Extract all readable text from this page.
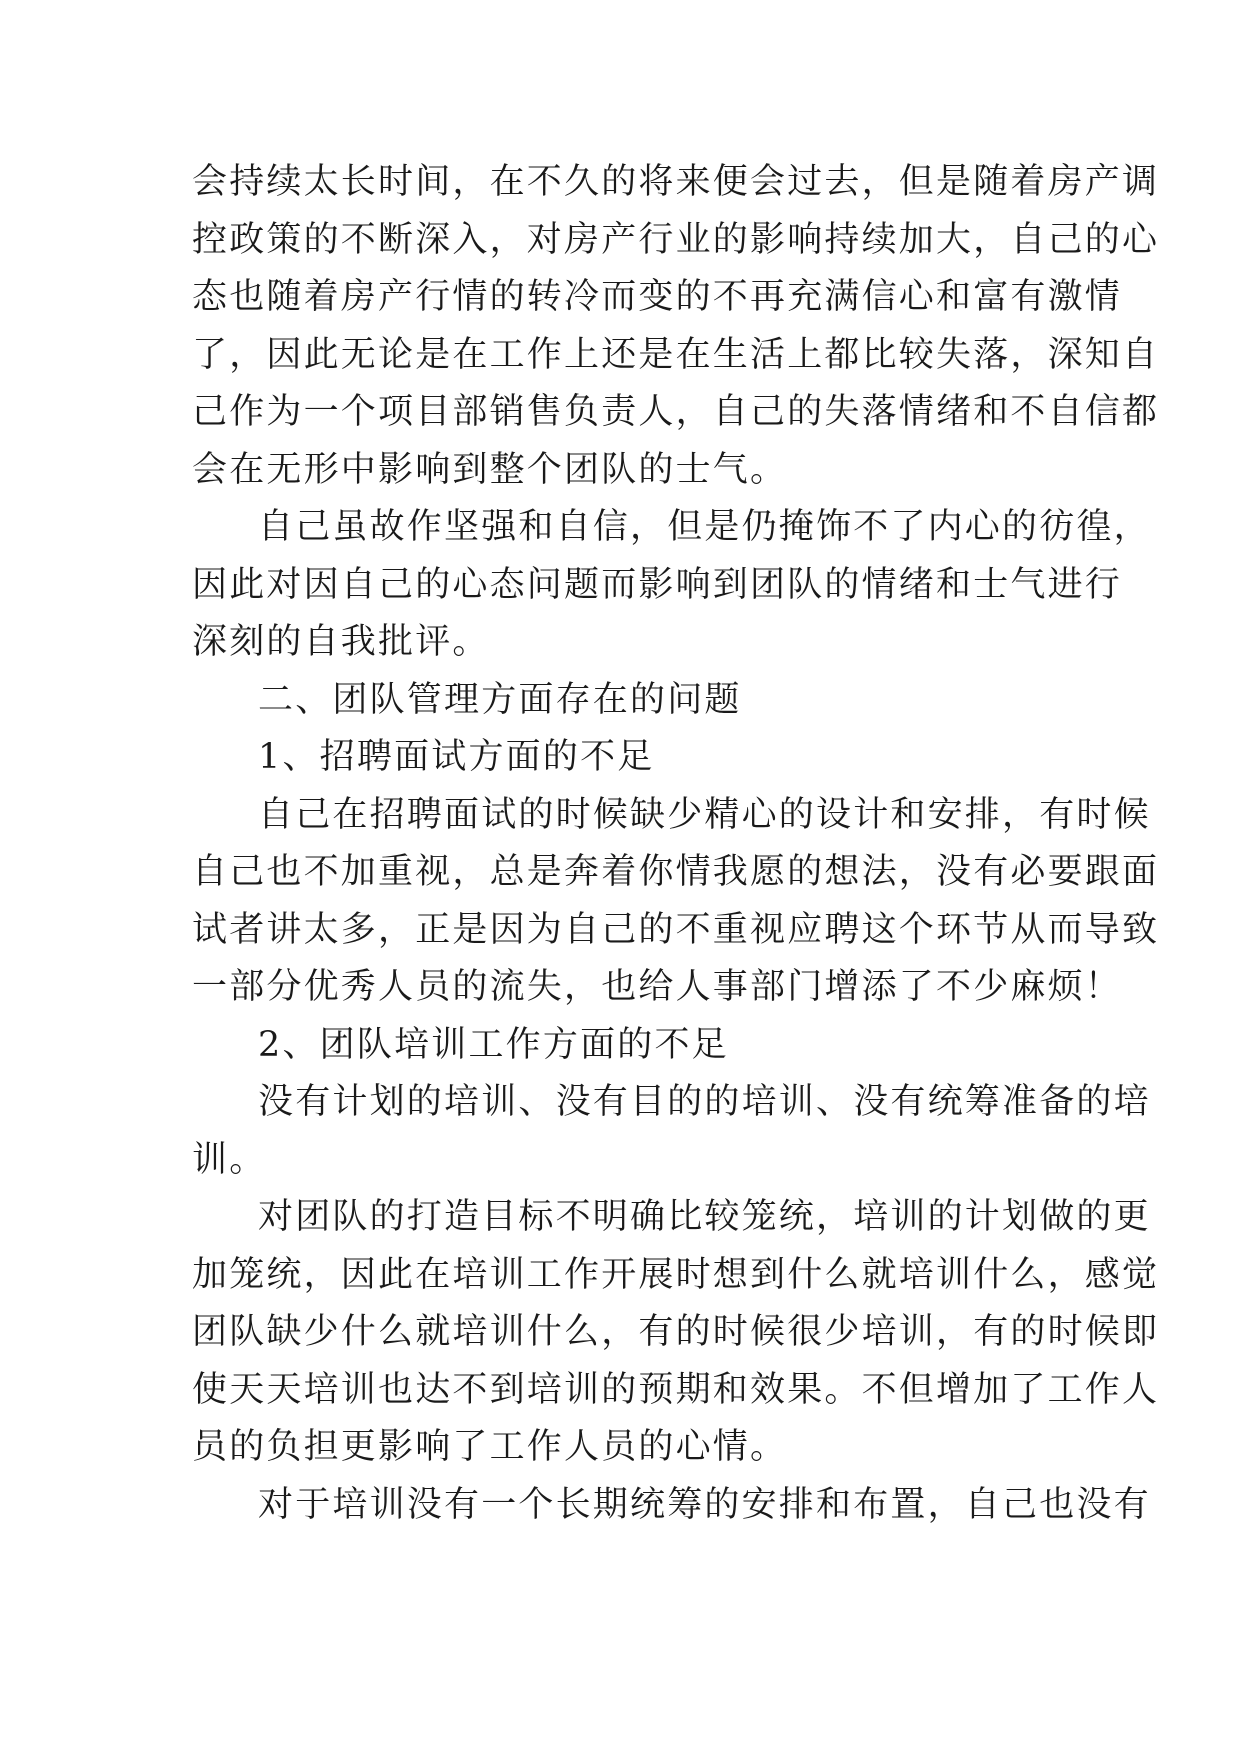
会持续太长时间，在不久的将来便会过去，但是随着房产调
控政策的不断深入，对房产行业的影响持续加大，自己的心
态也随着房产行情的转冷而变的不再充满信心和富有激情
了，因此无论是在工作上还是在生活上都比较失落，深知自
己作为一个项目部销售负责人，自己的失落情绪和不自信都
会在无形中影响到整个团队的士气。
自己虽故作坚强和自信，但是仍掩饰不了内心的彷徨，
因此对因自己的心态问题而影响到团队的情绪和士气进行
深刻的自我批评。
二、团队管理方面存在的问题
1、招聘面试方面的不足
自己在招聘面试的时候缺少精心的设计和安排，有时候
自己也不加重视，总是奔着你情我愿的想法，没有必要跟面
试者讲太多，正是因为自己的不重视应聘这个环节从而导致
一部分优秀人员的流失，也给人事部门增添了不少麻烦！
2、团队培训工作方面的不足
没有计划的培训、没有目的的培训、没有统筹准备的培
训。
对团队的打造目标不明确比较笼统，培训的计划做的更
加笼统，因此在培训工作开展时想到什么就培训什么，感觉
团队缺少什么就培训什么，有的时候很少培训，有的时候即
使天天培训也达不到培训的预期和效果。不但增加了工作人
员的负担更影响了工作人员的心情。
对于培训没有一个长期统筹的安排和布置，自己也没有
